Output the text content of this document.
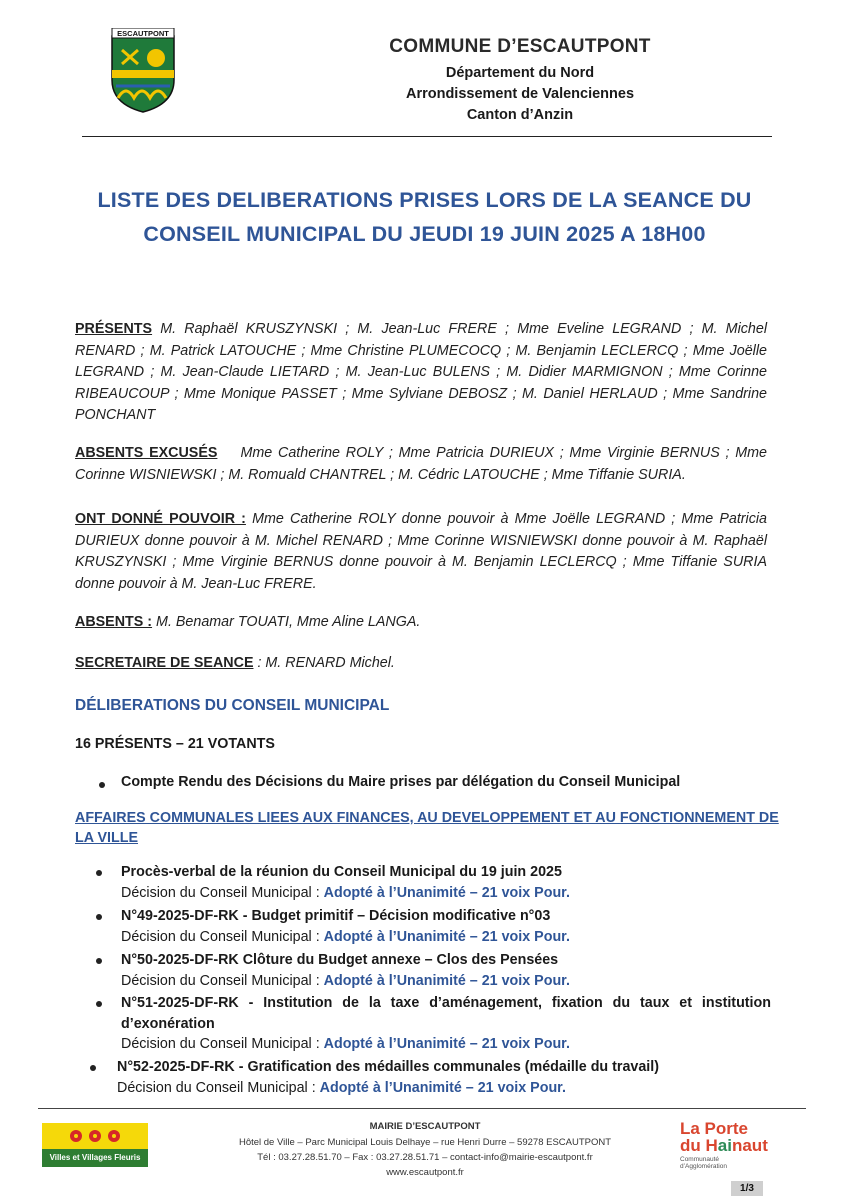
ESCAUTPONT
COMMUNE D’ESCAUTPONT
Département du Nord
Arrondissement de Valenciennes
Canton d’Anzin
LISTE DES DELIBERATIONS PRISES LORS DE LA SEANCE DU
CONSEIL MUNICIPAL DU JEUDI 19 JUIN 2025 A 18H00
PRÉSENTS M. Raphaël KRUSZYNSKI ; M. Jean-Luc FRERE ; Mme Eveline LEGRAND ; M. Michel RENARD ; M. Patrick LATOUCHE ; Mme Christine PLUMECOCQ ; M. Benjamin LECLERCQ ; Mme Joëlle LEGRAND ; M. Jean-Claude LIETARD ; M. Jean-Luc BULENS ; M. Didier MARMIGNON ; Mme Corinne RIBEAUCOUP ; Mme Monique PASSET ; Mme Sylviane DEBOSZ ; M. Daniel HERLAUD ; Mme Sandrine PONCHANT
ABSENTS EXCUSÉS    Mme Catherine ROLY ; Mme Patricia DURIEUX ; Mme Virginie BERNUS ; Mme Corinne WISNIEWSKI ; M. Romuald CHANTREL ; M. Cédric LATOUCHE ; Mme Tiffanie SURIA.
ONT DONNÉ POUVOIR : Mme Catherine ROLY donne pouvoir à Mme Joëlle LEGRAND ; Mme Patricia DURIEUX donne pouvoir à M. Michel RENARD ; Mme Corinne WISNIEWSKI donne pouvoir à M. Raphaël KRUSZYNSKI ; Mme Virginie BERNUS donne pouvoir à M. Benjamin LECLERCQ ; Mme Tiffanie SURIA donne pouvoir à M. Jean-Luc FRERE.
ABSENTS : M. Benamar TOUATI, Mme Aline LANGA.
SECRETAIRE DE SEANCE : M. RENARD Michel.
DÉLIBERATIONS DU CONSEIL MUNICIPAL
16 PRÉSENTS – 21 VOTANTS
Compte Rendu des Décisions du Maire prises par délégation du Conseil Municipal
AFFAIRES COMMUNALES LIEES AUX FINANCES, AU DEVELOPPEMENT ET AU FONCTIONNEMENT DE LA VILLE
Procès-verbal de la réunion du Conseil Municipal du 19 juin 2025
Décision du Conseil Municipal : Adopté à l’Unanimité – 21 voix Pour.
N°49-2025-DF-RK - Budget primitif – Décision modificative n°03
Décision du Conseil Municipal : Adopté à l’Unanimité – 21 voix Pour.
N°50-2025-DF-RK Clôture du Budget annexe – Clos des Pensées
Décision du Conseil Municipal : Adopté à l’Unanimité – 21 voix Pour.
N°51-2025-DF-RK - Institution de la taxe d’aménagement, fixation du taux et institution d’exonération
Décision du Conseil Municipal : Adopté à l’Unanimité – 21 voix Pour.
N°52-2025-DF-RK - Gratification des médailles communales (médaille du travail)
Décision du Conseil Municipal : Adopté à l’Unanimité – 21 voix Pour.
Villes et Villages Fleuris
MAIRIE D’ESCAUTPONT
Hôtel de Ville – Parc Municipal Louis Delhaye – rue Henri Durre – 59278 ESCAUTPONT
Tél : 03.27.28.51.70 – Fax : 03.27.28.51.71 – contact-info@mairie-escautpont.fr
www.escautpont.fr
La Porte
du Hainaut
Communauté d’Agglomération
1/3
